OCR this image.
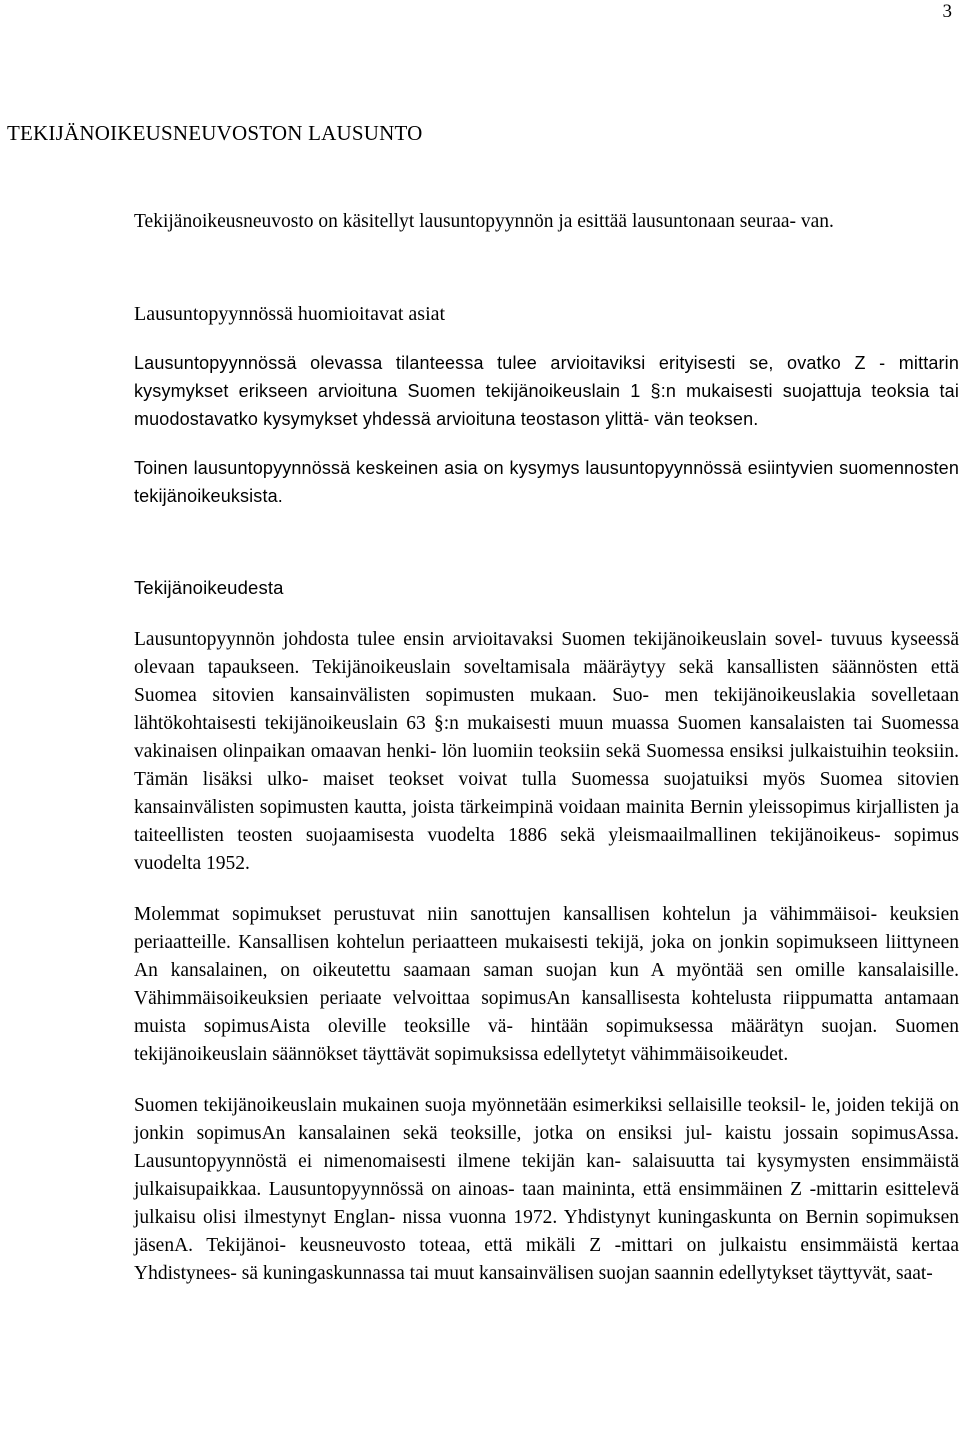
3
TEKIJÄNOIKEUSNEUVOSTON LAUSUNTO

Tekijänoikeusneuvosto on käsitellyt lausuntopyynnön ja esittää lausuntonaan seuraa- van.

Lausuntopyynnössä huomioitavat asiat

Lausuntopyynnössä olevassa tilanteessa tulee arvioitaviksi erityisesti se, ovatko Z - mittarin kysymykset erikseen arvioituna Suomen tekijänoikeuslain 1 §:n mukaisesti suojattuja teoksia tai muodostavatko kysymykset yhdessä arvioituna teostason ylittä- vän teoksen.

Toinen lausuntopyynnössä keskeinen asia on kysymys lausuntopyynnössä esiintyvien suomennosten tekijänoikeuksista.

Tekijänoikeudesta

Lausuntopyynnön johdosta tulee ensin arvioitavaksi Suomen tekijänoikeuslain sovel- tuvuus kyseessä olevaan tapaukseen. Tekijänoikeuslain soveltamisala määräytyy sekä kansallisten säännösten että Suomea sitovien kansainvälisten sopimusten mukaan. Suo- men tekijänoikeuslakia sovelletaan lähtökohtaisesti tekijänoikeuslain 63 §:n mukaisesti muun muassa Suomen kansalaisten tai Suomessa vakinaisen olinpaikan omaavan henki- lön luomiin teoksiin sekä Suomessa ensiksi julkaistuihin teoksiin. Tämän lisäksi ulko- maiset teokset voivat tulla Suomessa suojatuiksi myös Suomea sitovien kansainvälisten sopimusten kautta, joista tärkeimpinä voidaan mainita Bernin yleissopimus kirjallisten ja taiteellisten teosten suojaamisesta vuodelta 1886 sekä yleismaailmallinen tekijänoikeus- sopimus vuodelta 1952.

Molemmat sopimukset perustuvat niin sanottujen kansallisen kohtelun ja vähimmäisoi- keuksien periaatteille. Kansallisen kohtelun periaatteen mukaisesti tekijä, joka on jonkin sopimukseen liittyneen An kansalainen, on oikeutettu saamaan saman suojan kun A myöntää sen omille kansalaisille. Vähimmäisoikeuksien periaate velvoittaa sopimusAn kansallisesta kohtelusta riippumatta antamaan muista sopimusAista oleville teoksille vä- hintään sopimuksessa määrätyn suojan. Suomen tekijänoikeuslain säännökset täyttävät sopimuksissa edellytetyt vähimmäisoikeudet.

Suomen tekijänoikeuslain mukainen suoja myönnetään esimerkiksi sellaisille teoksil- le, joiden tekijä on jonkin sopimusAn kansalainen sekä teoksille, jotka on ensiksi jul- kaistu jossain sopimusAssa. Lausuntopyynnöstä ei nimenomaisesti ilmene tekijän kan- salaisuutta tai kysymysten ensimmäistä julkaisupaikkaa. Lausuntopyynnössä on ainoas- taan maininta, että ensimmäinen Z -mittarin esittelevä julkaisu olisi ilmestynyt Englan- nissa vuonna 1972. Yhdistynyt kuningaskunta on Bernin sopimuksen jäsenA. Tekijänoi- keusneuvosto toteaa, että mikäli Z -mittari on julkaistu ensimmäistä kertaa Yhdistynees- sä kuningaskunnassa tai muut kansainvälisen suojan saannin edellytykset täyttyvät, saat-
